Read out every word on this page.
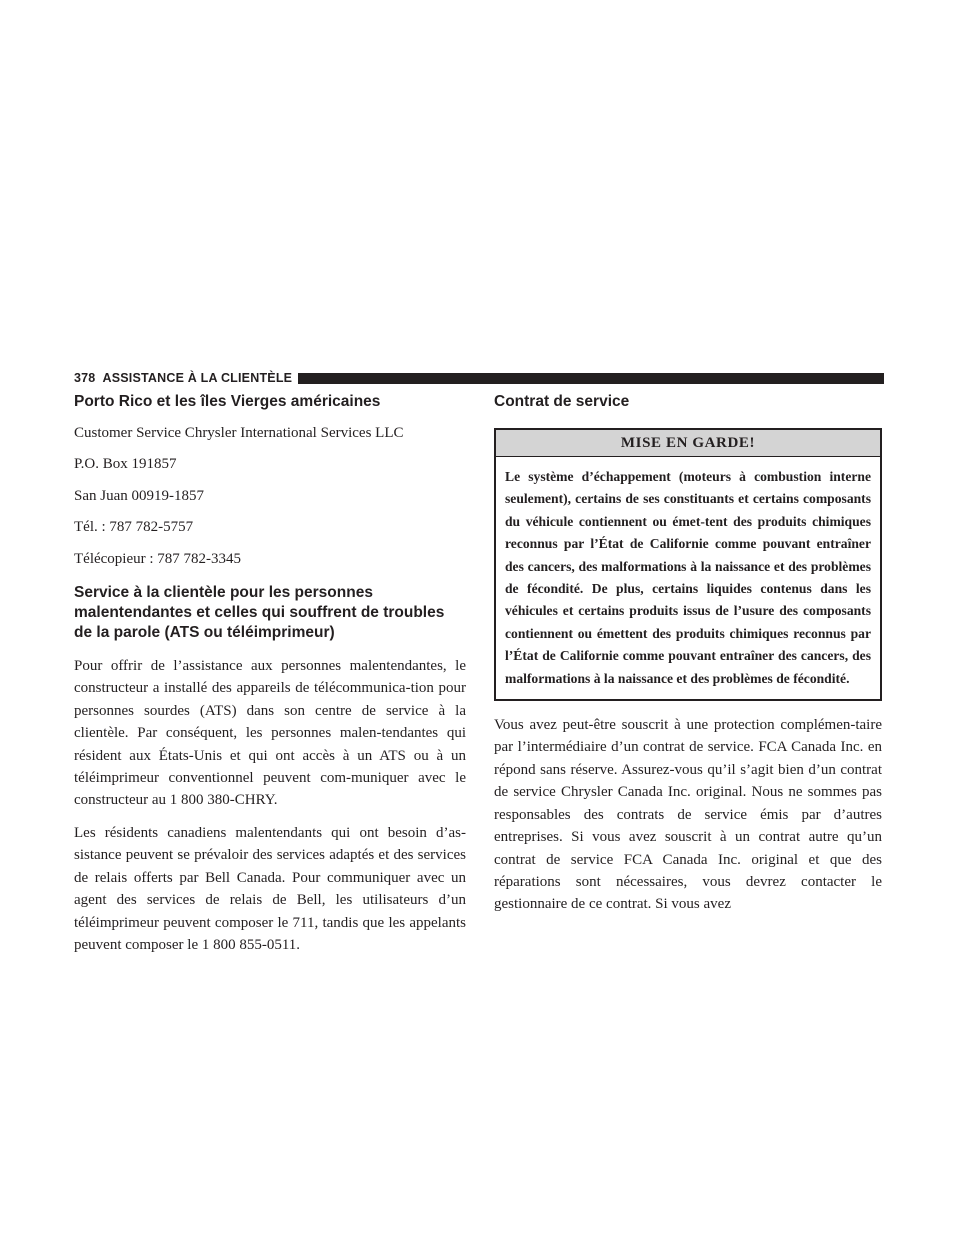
378 ASSISTANCE À LA CLIENTÈLE
Porto Rico et les îles Vierges américaines

Customer Service Chrysler International Services LLC

P.O. Box 191857

San Juan 00919-1857

Tél. : 787 782-5757

Télécopieur : 787 782-3345

Service à la clientèle pour les personnes malentendantes et celles qui souffrent de troubles de la parole (ATS ou téléimprimeur)

Pour offrir de l’assistance aux personnes malentendantes, le constructeur a installé des appareils de télécommunica-tion pour personnes sourdes (ATS) dans son centre de service à la clientèle. Par conséquent, les personnes malen-tendantes qui résident aux États-Unis et qui ont accès à un ATS ou à un téléimprimeur conventionnel peuvent com-muniquer avec le constructeur au 1 800 380-CHRY.

Les résidents canadiens malentendants qui ont besoin d’as-sistance peuvent se prévaloir des services adaptés et des services de relais offerts par Bell Canada. Pour communiquer avec un agent des services de relais de Bell, les utilisateurs d’un téléimprimeur peuvent composer le 711, tandis que les appelants peuvent composer le 1 800 855-0511.

Contrat de service
MISE EN GARDE!
Le système d’échappement (moteurs à combustion interne seulement), certains de ses constituants et certains composants du véhicule contiennent ou émet-tent des produits chimiques reconnus par l’État de Californie comme pouvant entraîner des cancers, des malformations à la naissance et des problèmes de fécondité. De plus, certains liquides contenus dans les véhicules et certains produits issus de l’usure des composants contiennent ou émettent des produits chimiques reconnus par l’État de Californie comme pouvant entraîner des cancers, des malformations à la naissance et des problèmes de fécondité.

Vous avez peut-être souscrit à une protection complémen-taire par l’intermédiaire d’un contrat de service. FCA Canada Inc. en répond sans réserve. Assurez-vous qu’il s’agit bien d’un contrat de service Chrysler Canada Inc. original. Nous ne sommes pas responsables des contrats de service émis par d’autres entreprises. Si vous avez souscrit à un contrat autre qu’un contrat de service FCA Canada Inc. original et que des réparations sont nécessaires, vous devrez contacter le gestionnaire de ce contrat. Si vous avez
